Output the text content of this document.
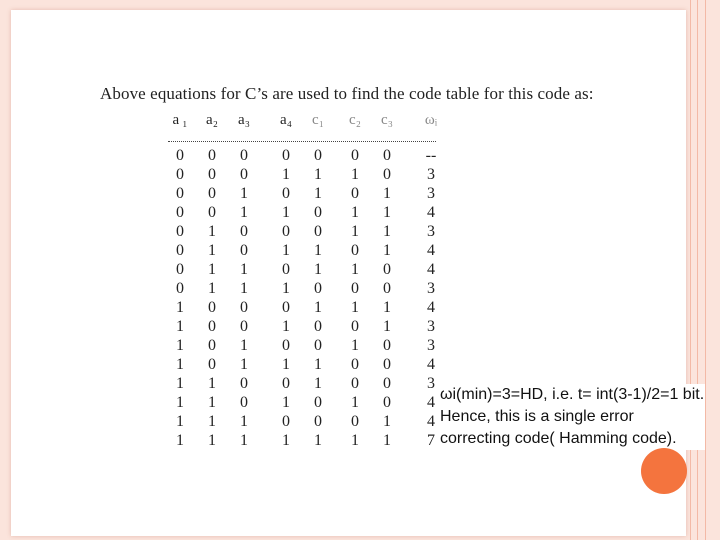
Above equations for C’s are used to find the code table for this code as:
a ₁	a₂	a₃	a₄	c₁	c₂	c₃	ωᵢ
0	0	0	0	0	0	0	--
0	0	0	1	1	1	0	3
0	0	1	0	1	0	1	3
0	0	1	1	0	1	1	4
0	1	0	0	0	1	1	3
0	1	0	1	1	0	1	4
0	1	1	0	1	1	0	4
0	1	1	1	0	0	0	3
1	0	0	0	1	1	1	4
1	0	0	1	0	0	1	3
1	0	1	0	0	1	0	3
1	0	1	1	1	0	0	4
1	1	0	0	1	0	0	3
1	1	0	1	0	1	0	4
1	1	1	0	0	0	1	4
1	1	1	1	1	1	1	7
ωi(min)=3=HD, i.e. t= int(3-1)/2=1 bit. Hence, this is a single error correcting code( Hamming code).
